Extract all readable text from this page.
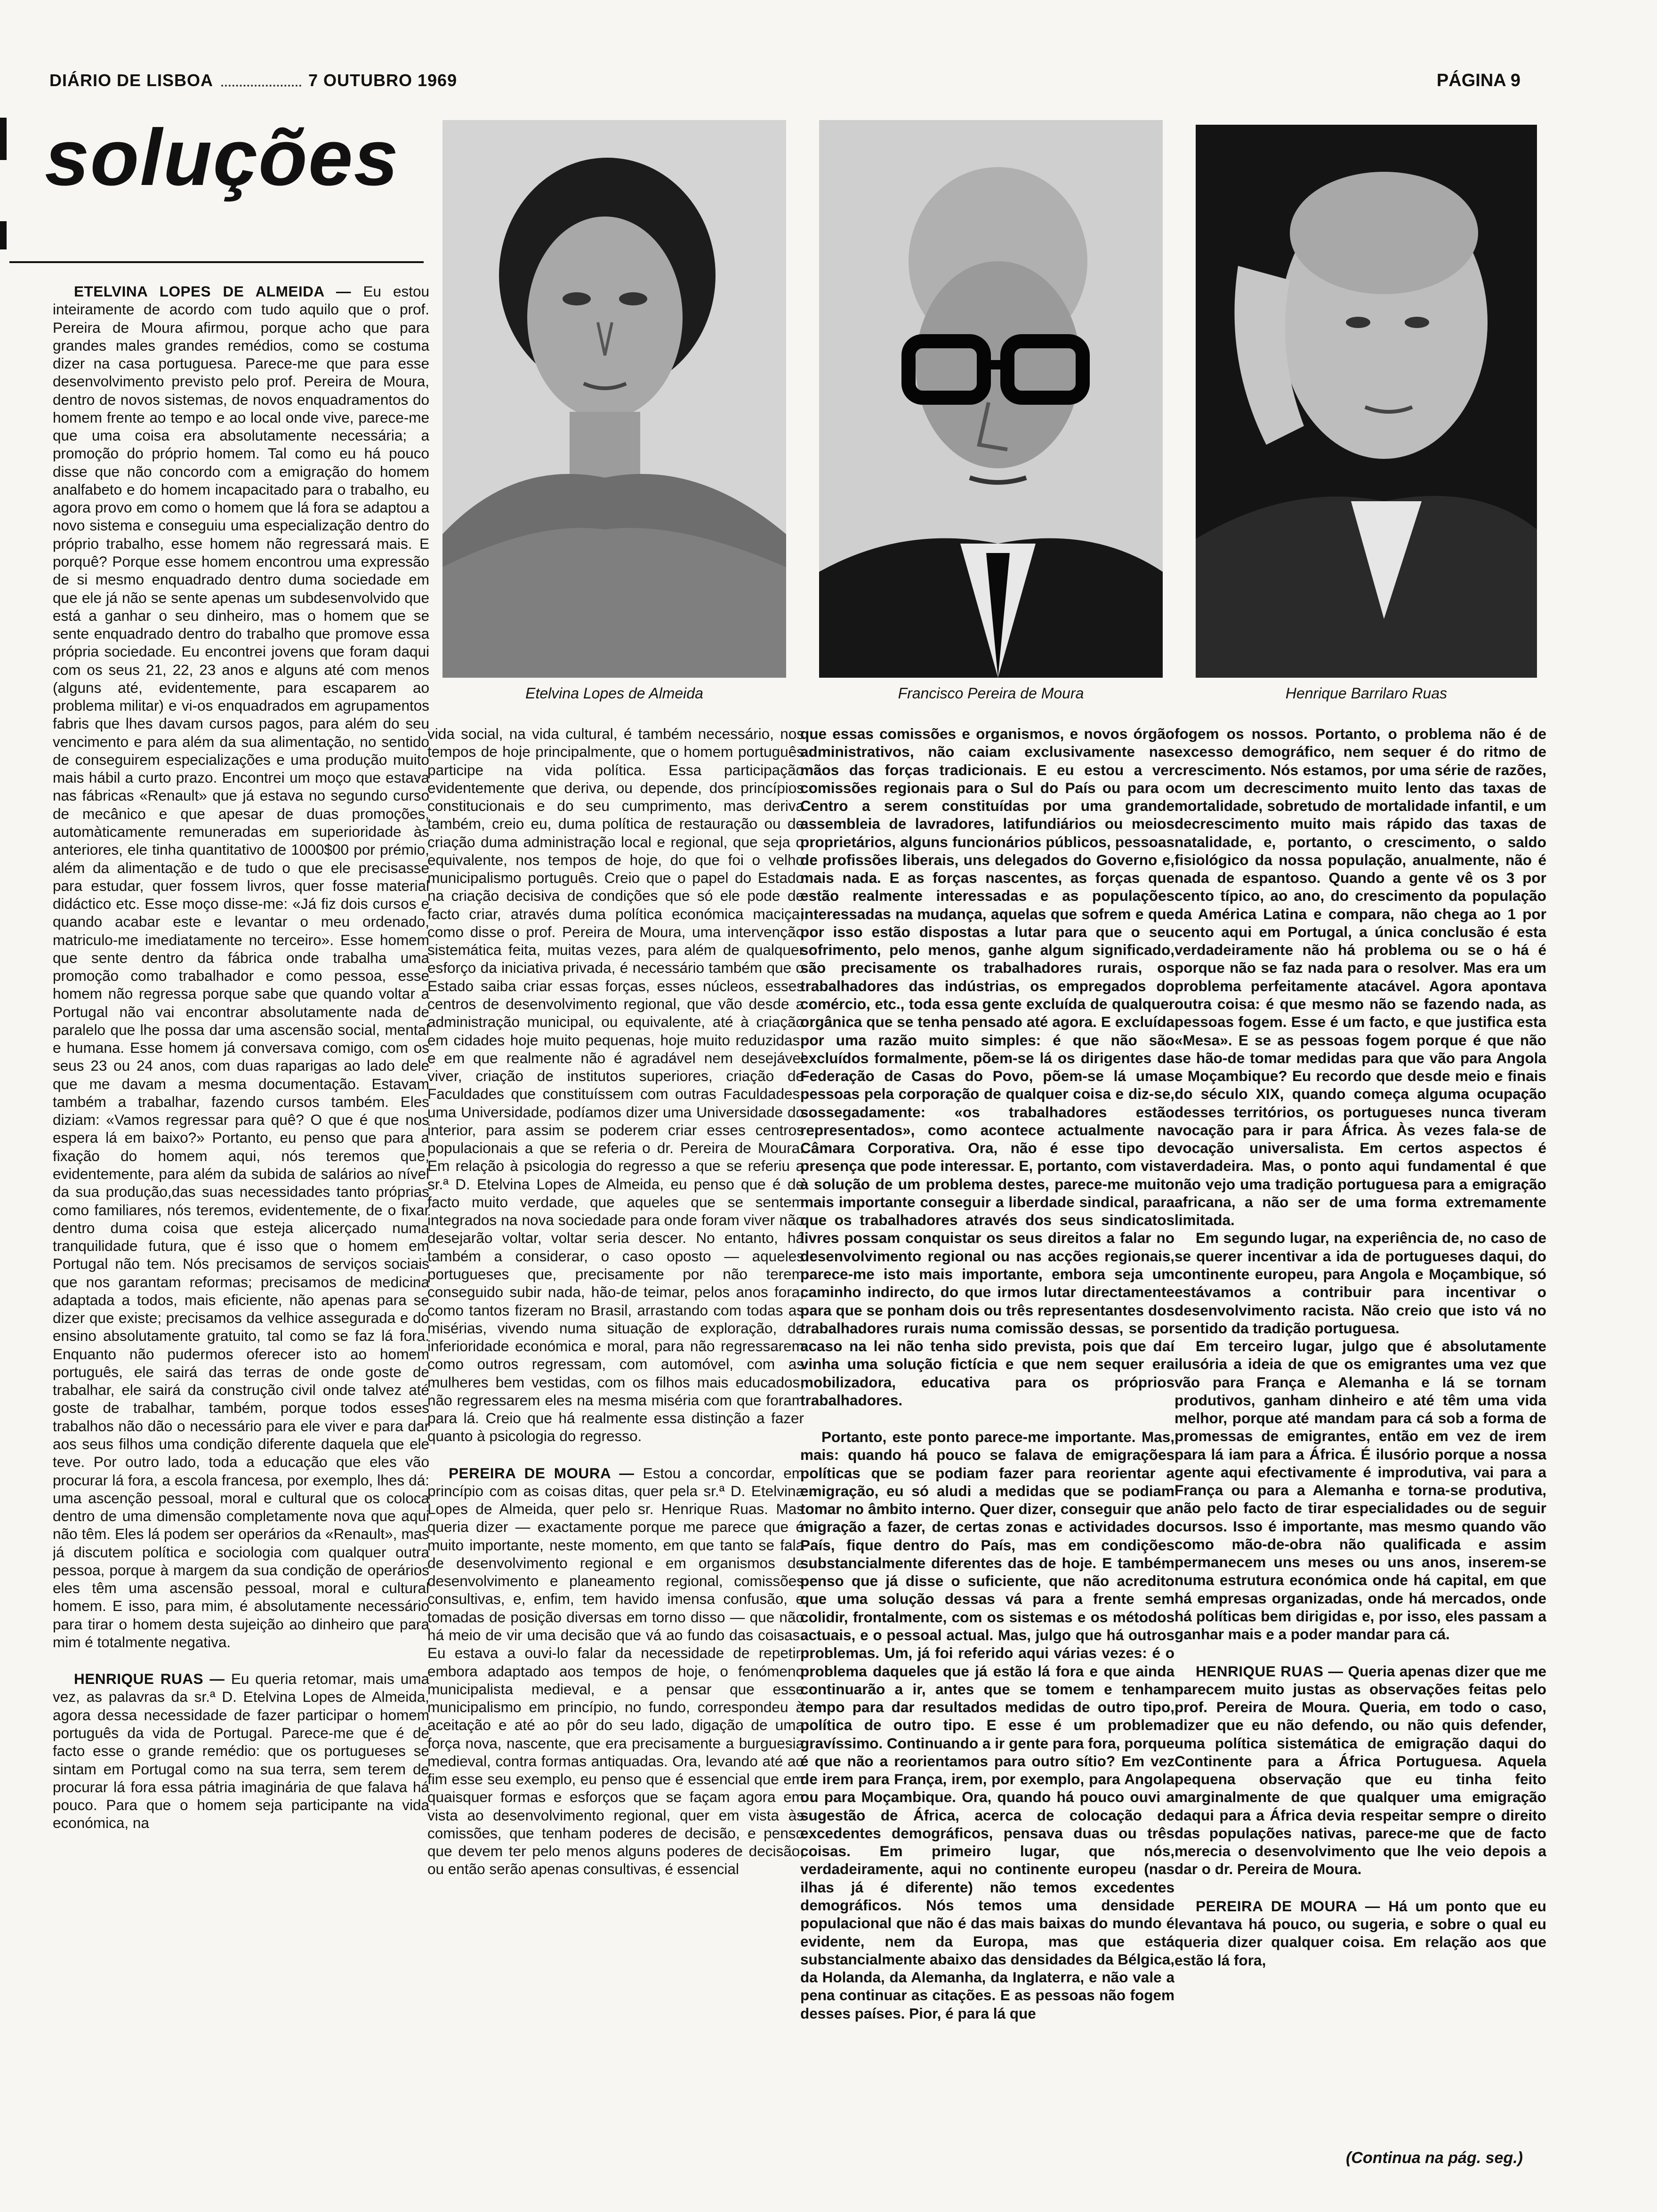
DIÁRIO DE LISBOA	7 OUTUBRO 1969	PÁGINA 9
soluções
Etelvina Lopes de Almeida	Francisco Pereira de Moura	Henrique Barrilaro Ruas

ETELVINA LOPES DE ALMEIDA — Eu estou inteiramente de acordo com tudo aquilo que o prof. Pereira de Moura afirmou, porque acho que para grandes males grandes remédios, como se costuma dizer na casa portuguesa. Parece-me que para esse desenvolvimento previsto pelo prof. Pereira de Moura, dentro de novos sistemas, de novos enquadramentos do homem frente ao tempo e ao local onde vive, parece-me que uma coisa era absolutamente necessária; a promoção do próprio homem. Tal como eu há pouco disse que não concordo com a emigração do homem analfabeto e do homem incapacitado para o trabalho, eu agora provo em como o homem que lá fora se adaptou a novo sistema e conseguiu uma especialização dentro do próprio trabalho, esse homem não regressará mais. E porquê? Porque esse homem encontrou uma expressão de si mesmo enquadrado dentro duma sociedade em que ele já não se sente apenas um subdesenvolvido que está a ganhar o seu dinheiro, mas o homem que se sente enquadrado dentro do trabalho que promove essa própria sociedade. Eu encontrei jovens que foram daqui com os seus 21, 22, 23 anos e alguns até com menos (alguns até, evidentemente, para escaparem ao problema militar) e vi-os enquadrados em agrupamentos fabris que lhes davam cursos pagos, para além do seu vencimento e para além da sua alimentação, no sentido de conseguirem especializações e uma produção muito mais hábil a curto prazo. Encontrei um moço que estava nas fábricas «Renault» que já estava no segundo curso de mecânico e que apesar de duas promoções, automàticamente remuneradas em superioridade às anteriores, ele tinha quantitativo de 1000$00 por prémio, além da alimentação e de tudo o que ele precisasse para estudar, quer fossem livros, quer fosse material didáctico etc. Esse moço disse-me: «Já fiz dois cursos e quando acabar este e levantar o meu ordenado, matriculo-me imediatamente no terceiro». Esse homem que sente dentro da fábrica onde trabalha uma promoção como trabalhador e como pessoa, esse homem não regressa porque sabe que quando voltar a Portugal não vai encontrar absolutamente nada de paralelo que lhe possa dar uma ascensão social, mental e humana. Esse homem já conversava comigo, com os seus 23 ou 24 anos, com duas raparigas ao lado dele que me davam a mesma documentação. Estavam também a trabalhar, fazendo cursos também. Eles diziam: «Vamos regressar para quê? O que é que nos espera lá em baixo?» Portanto, eu penso que para a fixação do homem aqui, nós teremos que, evidentemente, para além da subida de salários ao nível da sua produção,das suas necessidades tanto próprias como familiares, nós teremos, evidentemente, de o fixar dentro duma coisa que esteja alicerçado numa tranquilidade futura, que é isso que o homem em Portugal não tem. Nós precisamos de serviços sociais que nos garantam reformas; precisamos de medicina adaptada a todos, mais eficiente, não apenas para se dizer que existe; precisamos da velhice assegurada e do ensino absolutamente gratuito, tal como se faz lá fora. Enquanto não pudermos oferecer isto ao homem português, ele sairá das terras de onde goste de trabalhar, ele sairá da construção civil onde talvez até goste de trabalhar, também, porque todos esses trabalhos não dão o necessário para ele viver e para dar aos seus filhos uma condição diferente daquela que ele teve. Por outro lado, toda a educação que eles vão procurar lá fora, a escola francesa, por exemplo, lhes dá: uma ascenção pessoal, moral e cultural que os coloca dentro de uma dimensão completamente nova que aqui não têm. Eles lá podem ser operários da «Renault», mas já discutem política e sociologia com qualquer outra pessoa, porque à margem da sua condição de operários eles têm uma ascensão pessoal, moral e cultural homem. E isso, para mim, é absolutamente necessário para tirar o homem desta sujeição ao dinheiro que para mim é totalmente negativa.

HENRIQUE RUAS — Eu queria retomar, mais uma vez, as palavras da sr.ª D. Etelvina Lopes de Almeida, agora dessa necessidade de fazer participar o homem português da vida de Portugal. Parece-me que é de facto esse o grande remédio: que os portugueses se sintam em Portugal como na sua terra, sem terem de procurar lá fora essa pátria imaginária de que falava há pouco. Para que o homem seja participante na vida económica, na

vida social, na vida cultural, é também necessário, nos tempos de hoje principalmente, que o homem português participe na vida política. Essa participação evidentemente que deriva, ou depende, dos princípios constitucionais e do seu cumprimento, mas deriva também, creio eu, duma política de restauração ou de criação duma administração local e regional, que seja o equivalente, nos tempos de hoje, do que foi o velho municipalismo português. Creio que o papel do Estado na criação decisiva de condições que só ele pode de facto criar, através duma política económica maciça, como disse o prof. Pereira de Moura, uma intervenção sistemática feita, muitas vezes, para além de qualquer esforço da iniciativa privada, é necessário também que o Estado saiba criar essas forças, esses núcleos, esses centros de desenvolvimento regional, que vão desde a administração municipal, ou equivalente, até à criação em cidades hoje muito pequenas, hoje muito reduzidas, e em que realmente não é agradável nem desejável viver, criação de institutos superiores, criação de Faculdades que constituíssem com outras Faculdades, uma Universidade, podíamos dizer uma Universidade do interior, para assim se poderem criar esses centros populacionais a que se referia o dr. Pereira de Moura. Em relação à psicologia do regresso a que se referiu a sr.ª D. Etelvina Lopes de Almeida, eu penso que é de facto muito verdade, que aqueles que se sentem integrados na nova sociedade para onde foram viver não desejarão voltar, voltar seria descer. No entanto, há também a considerar, o caso oposto — aqueles portugueses que, precisamente por não terem conseguido subir nada, hão-de teimar, pelos anos fora, como tantos fizeram no Brasil, arrastando com todas as misérias, vivendo numa situação de exploração, de inferioridade económica e moral, para não regressarem como outros regressam, com automóvel, com as mulheres bem vestidas, com os filhos mais educados, não regressarem eles na mesma miséria com que foram para lá. Creio que há realmente essa distinção a fazer quanto à psicologia do regresso.

PEREIRA DE MOURA — Estou a concordar, em princípio com as coisas ditas, quer pela sr.ª D. Etelvina Lopes de Almeida, quer pelo sr. Henrique Ruas. Mas queria dizer — exactamente porque me parece que é muito importante, neste momento, em que tanto se fala de desenvolvimento regional e em organismos de desenvolvimento e planeamento regional, comissões consultivas, e, enfim, tem havido imensa confusão, e tomadas de posição diversas em torno disso — que não há meio de vir uma decisão que vá ao fundo das coisas. Eu estava a ouvi-lo falar da necessidade de repetir, embora adaptado aos tempos de hoje, o fenómeno municipalista medieval, e a pensar que esse municipalismo em princípio, no fundo, correspondeu à aceitação e até ao pôr do seu lado, digação de uma força nova, nascente, que era precisamente a burguesia medieval, contra formas antiquadas. Ora, levando até ao fim esse seu exemplo, eu penso que é essencial que em quaisquer formas e esforços que se façam agora em vista ao desenvolvimento regional, quer em vista às comissões, que tenham poderes de decisão, e penso que devem ter pelo menos alguns poderes de decisão, ou então serão apenas consultivas, é essencial

que essas comissões e organismos, e novos órgão administrativos, não caiam exclusivamente nas mãos das forças tradicionais. E eu estou a ver comissões regionais para o Sul do País ou para o Centro a serem constituídas por uma grande assembleia de lavradores, latifundiários ou meios proprietários, alguns funcionários públicos, pessoas de profissões liberais, uns delegados do Governo e, mais nada. E as forças nascentes, as forças que estão realmente interessadas e as populações interessadas na mudança, aquelas que sofrem e que por isso estão dispostas a lutar para que o seu sofrimento, pelo menos, ganhe algum significado, são precisamente os trabalhadores rurais, os trabalhadores das indústrias, os empregados do comércio, etc., toda essa gente excluída de qualquer orgânica que se tenha pensado até agora. E excluída por uma razão muito simples: é que não são excluídos formalmente, põem-se lá os dirigentes da Federação de Casas do Povo, põem-se lá umas pessoas pela corporação de qualquer coisa e diz-se, sossegadamente: «os trabalhadores estão representados», como acontece actualmente na Câmara Corporativa. Ora, não é esse tipo de presença que pode interessar. E, portanto, com vista à solução de um problema destes, parece-me muito mais importante conseguir a liberdade sindical, para que os trabalhadores através dos seus sindicatos livres possam conquistar os seus direitos a falar no desenvolvimento regional ou nas acções regionais, parece-me isto mais importante, embora seja um caminho indirecto, do que irmos lutar directamente para que se ponham dois ou três representantes dos trabalhadores rurais numa comissão dessas, se por acaso na lei não tenha sido prevista, pois que daí vinha uma solução fictícia e que nem sequer era mobilizadora, educativa para os próprios trabalhadores.

Portanto, este ponto parece-me importante. Mas, mais: quando há pouco se falava de emigrações políticas que se podiam fazer para reorientar a emigração, eu só aludi a medidas que se podiam tomar no âmbito interno. Quer dizer, conseguir que a migração a fazer, de certas zonas e actividades do País, fique dentro do País, mas em condições substancialmente diferentes das de hoje. E também penso que já disse o suficiente, que não acredito que uma solução dessas vá para a frente sem colidir, frontalmente, com os sistemas e os métodos actuais, e o pessoal actual. Mas, julgo que há outros problemas. Um, já foi referido aqui várias vezes: é o problema daqueles que já estão lá fora e que ainda continuarão a ir, antes que se tomem e tenham tempo para dar resultados medidas de outro tipo, política de outro tipo. E esse é um problema gravíssimo. Continuando a ir gente para fora, porque é que não a reorientamos para outro sítio? Em vez de irem para França, irem, por exemplo, para Angola ou para Moçambique. Ora, quando há pouco ouvi a sugestão de África, acerca de colocação de excedentes demográficos, pensava duas ou três coisas. Em primeiro lugar, que nós, verdadeiramente, aqui no continente europeu (nas ilhas já é diferente) não temos excedentes demográficos. Nós temos uma densidade populacional que não é das mais baixas do mundo é evidente, nem da Europa, mas que está substancialmente abaixo das densidades da Bélgica, da Holanda, da Alemanha, da Inglaterra, e não vale a pena continuar as citações. E as pessoas não fogem desses países. Pior, é para lá que

fogem os nossos. Portanto, o problema não é de excesso demográfico, nem sequer é do ritmo de crescimento. Nós estamos, por uma série de razões, com um decrescimento muito lento das taxas de mortalidade, sobretudo de mortalidade infantil, e um decrescimento muito mais rápido das taxas de natalidade, e, portanto, o crescimento, o saldo fisiológico da nossa população, anualmente, não é nada de espantoso. Quando a gente vê os 3 por cento típico, ao ano, do crescimento da população da América Latina e compara, não chega ao 1 por cento aqui em Portugal, a única conclusão é esta verdadeiramente não há problema ou se o há é porque não se faz nada para o resolver. Mas era um problema perfeitamente atacável. Agora apontava outra coisa: é que mesmo não se fazendo nada, as pessoas fogem. Esse é um facto, e que justifica esta «Mesa». E se as pessoas fogem porque é que não se hão-de tomar medidas para que vão para Angola e Moçambique? Eu recordo que desde meio e finais do século XIX, quando começa alguma ocupação desses territórios, os portugueses nunca tiveram vocação para ir para África. Às vezes fala-se de vocação universalista. Em certos aspectos é verdadeira. Mas, o ponto aqui fundamental é que não vejo uma tradição portuguesa para a emigração africana, a não ser de uma forma extremamente limitada.

Em segundo lugar, na experiência de, no caso de se querer incentivar a ida de portugueses daqui, do continente europeu, para Angola e Moçambique, só estávamos a contribuir para incentivar o desenvolvimento racista. Não creio que isto vá no sentido da tradição portuguesa.

Em terceiro lugar, julgo que é absolutamente ilusória a ideia de que os emigrantes uma vez que vão para França e Alemanha e lá se tornam produtivos, ganham dinheiro e até têm uma vida melhor, porque até mandam para cá sob a forma de promessas de emigrantes, então em vez de irem para lá iam para a África. É ilusório porque a nossa gente aqui efectivamente é improdutiva, vai para a França ou para a Alemanha e torna-se produtiva, não pelo facto de tirar especialidades ou de seguir cursos. Isso é importante, mas mesmo quando vão como mão-de-obra não qualificada e assim permanecem uns meses ou uns anos, inserem-se numa estrutura económica onde há capital, em que há empresas organizadas, onde há mercados, onde há políticas bem dirigidas e, por isso, eles passam a ganhar mais e a poder mandar para cá.

HENRIQUE RUAS — Queria apenas dizer que me parecem muito justas as observações feitas pelo prof. Pereira de Moura. Queria, em todo o caso, dizer que eu não defendo, ou não quis defender, uma política sistemática de emigração daqui do Continente para a África Portuguesa. Aquela pequena observação que eu tinha feito marginalmente de que qualquer uma emigração daqui para a África devia respeitar sempre o direito das populações nativas, parece-me que de facto merecia o desenvolvimento que lhe veio depois a dar o dr. Pereira de Moura.

PEREIRA DE MOURA — Há um ponto que eu levantava há pouco, ou sugeria, e sobre o qual eu queria dizer qualquer coisa. Em relação aos que estão lá fora,

(Continua na pág. seg.)
